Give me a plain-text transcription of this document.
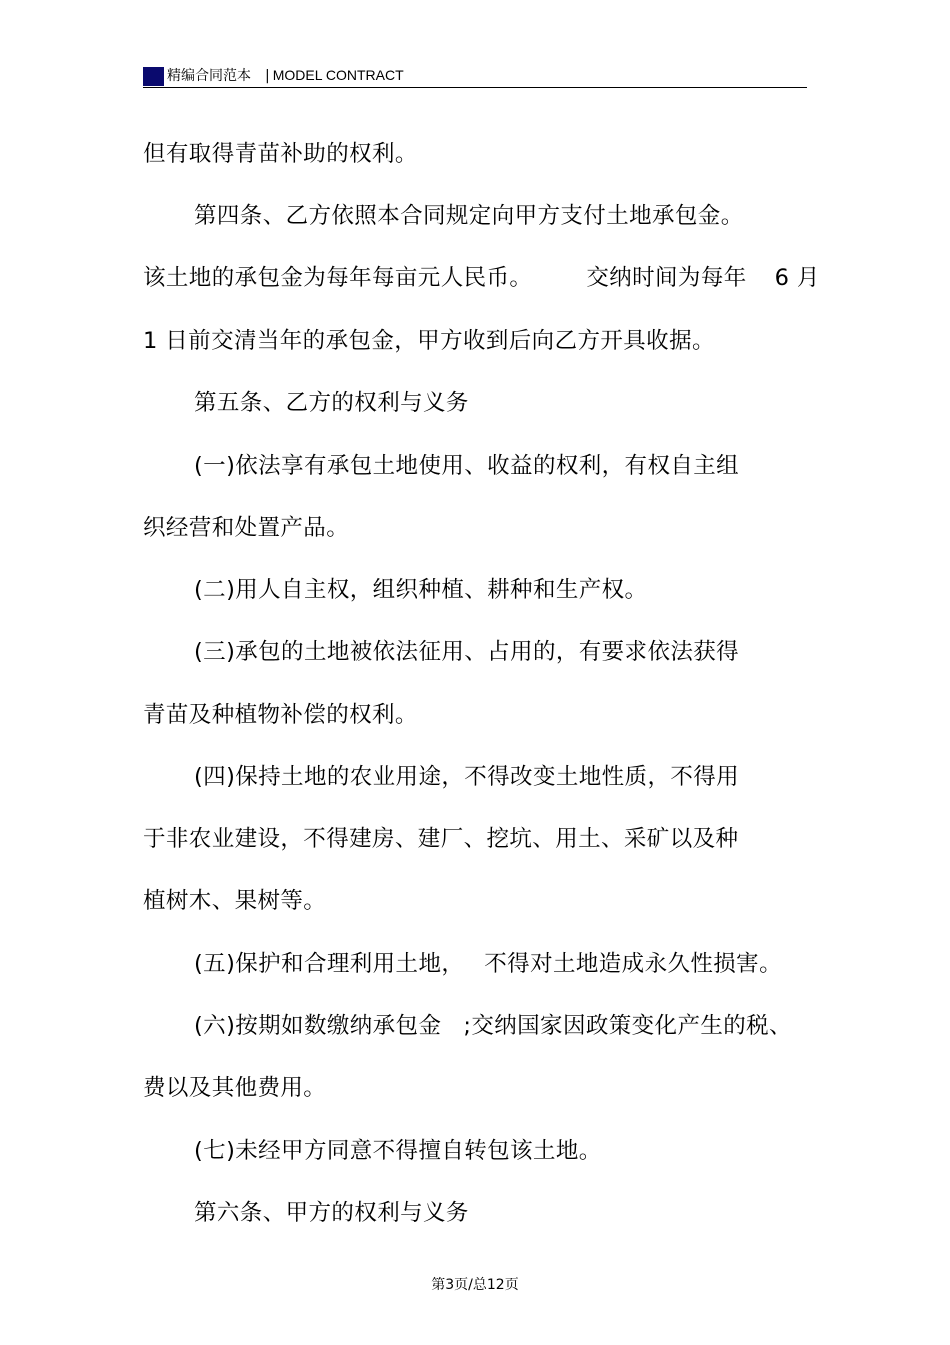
精编合同范本 | MODEL CONTRACT
但有取得青苗补助的权利。
第四条、乙方依照本合同规定向甲方支付土地承包金。
该土地的承包金为每年每亩元人民币。 交纳时间为每年 6 月
1 日前交清当年的承包金，甲方收到后向乙方开具收据。
第五条、乙方的权利与义务
(一)依法享有承包土地使用、收益的权利，有权自主组
织经营和处置产品。
(二)用人自主权，组织种植、耕种和生产权。
(三)承包的土地被依法征用、占用的，有要求依法获得
青苗及种植物补偿的权利。
(四)保持土地的农业用途，不得改变土地性质，不得用
于非农业建设，不得建房、建厂、挖坑、用土、采矿以及种
植树木、果树等。
(五)保护和合理利用土地， 不得对土地造成永久性损害。
(六)按期如数缴纳承包金 ;交纳国家因政策变化产生的税、
费以及其他费用。
(七)未经甲方同意不得擅自转包该土地。
第六条、甲方的权利与义务
第3页/总12页
